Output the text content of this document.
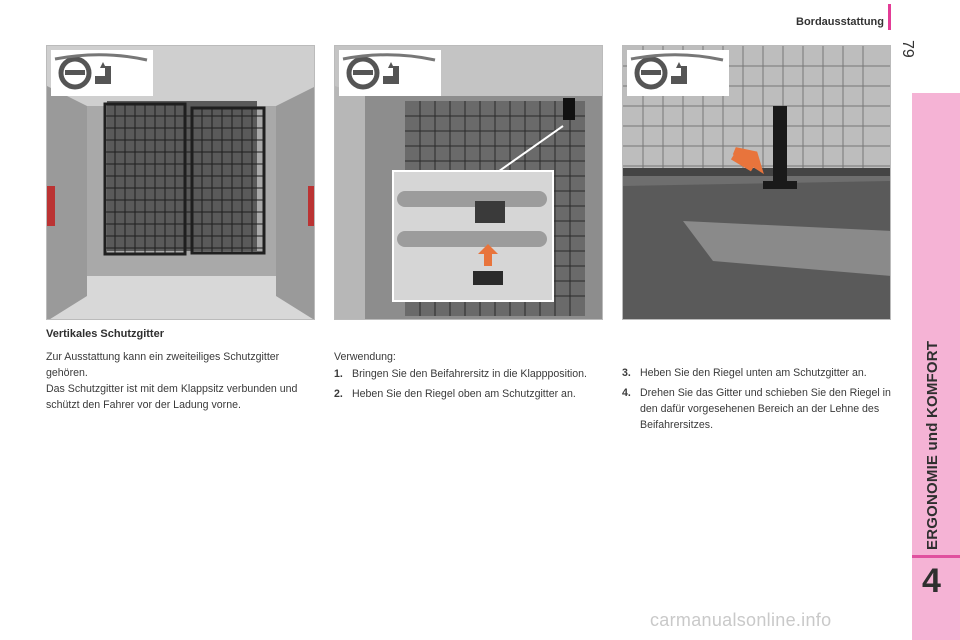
Bordausstattung
79
ERGONOMIE und KOMFORT
4
Vertikales Schutzgitter

Zur Ausstattung kann ein zweiteiliges Schutzgitter gehören.

Das Schutzgitter ist mit dem Klappsitz verbunden und schützt den Fahrer vor der Ladung vorne.

Verwendung:

1. Bringen Sie den Beifahrersitz in die Klappposition.
2. Heben Sie den Riegel oben am Schutzgitter an.
3. Heben Sie den Riegel unten am Schutzgitter an.
4. Drehen Sie das Gitter und schieben Sie den Riegel in den dafür vorgesehenen Bereich an der Lehne des Beifahrersitzes.
carmanualsonline.info
